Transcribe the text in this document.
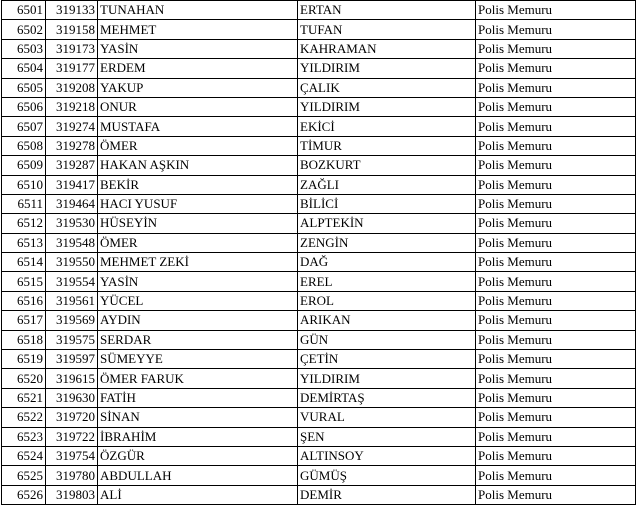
6501	319133	TUNAHAN	ERTAN	Polis Memuru
6502	319158	MEHMET	TUFAN	Polis Memuru
6503	319173	YASİN	KAHRAMAN	Polis Memuru
6504	319177	ERDEM	YILDIRIM	Polis Memuru
6505	319208	YAKUP	ÇALIK	Polis Memuru
6506	319218	ONUR	YILDIRIM	Polis Memuru
6507	319274	MUSTAFA	EKİCİ	Polis Memuru
6508	319278	ÖMER	TİMUR	Polis Memuru
6509	319287	HAKAN AŞKIN	BOZKURT	Polis Memuru
6510	319417	BEKİR	ZAĞLI	Polis Memuru
6511	319464	HACI YUSUF	BİLİCİ	Polis Memuru
6512	319530	HÜSEYİN	ALPTEKİN	Polis Memuru
6513	319548	ÖMER	ZENGİN	Polis Memuru
6514	319550	MEHMET ZEKİ	DAĞ	Polis Memuru
6515	319554	YASİN	EREL	Polis Memuru
6516	319561	YÜCEL	EROL	Polis Memuru
6517	319569	AYDIN	ARIKAN	Polis Memuru
6518	319575	SERDAR	GÜN	Polis Memuru
6519	319597	SÜMEYYE	ÇETİN	Polis Memuru
6520	319615	ÖMER FARUK	YILDIRIM	Polis Memuru
6521	319630	FATİH	DEMİRTAŞ	Polis Memuru
6522	319720	SİNAN	VURAL	Polis Memuru
6523	319722	İBRAHİM	ŞEN	Polis Memuru
6524	319754	ÖZGÜR	ALTINSOY	Polis Memuru
6525	319780	ABDULLAH	GÜMÜŞ	Polis Memuru
6526	319803	ALİ	DEMİR	Polis Memuru
